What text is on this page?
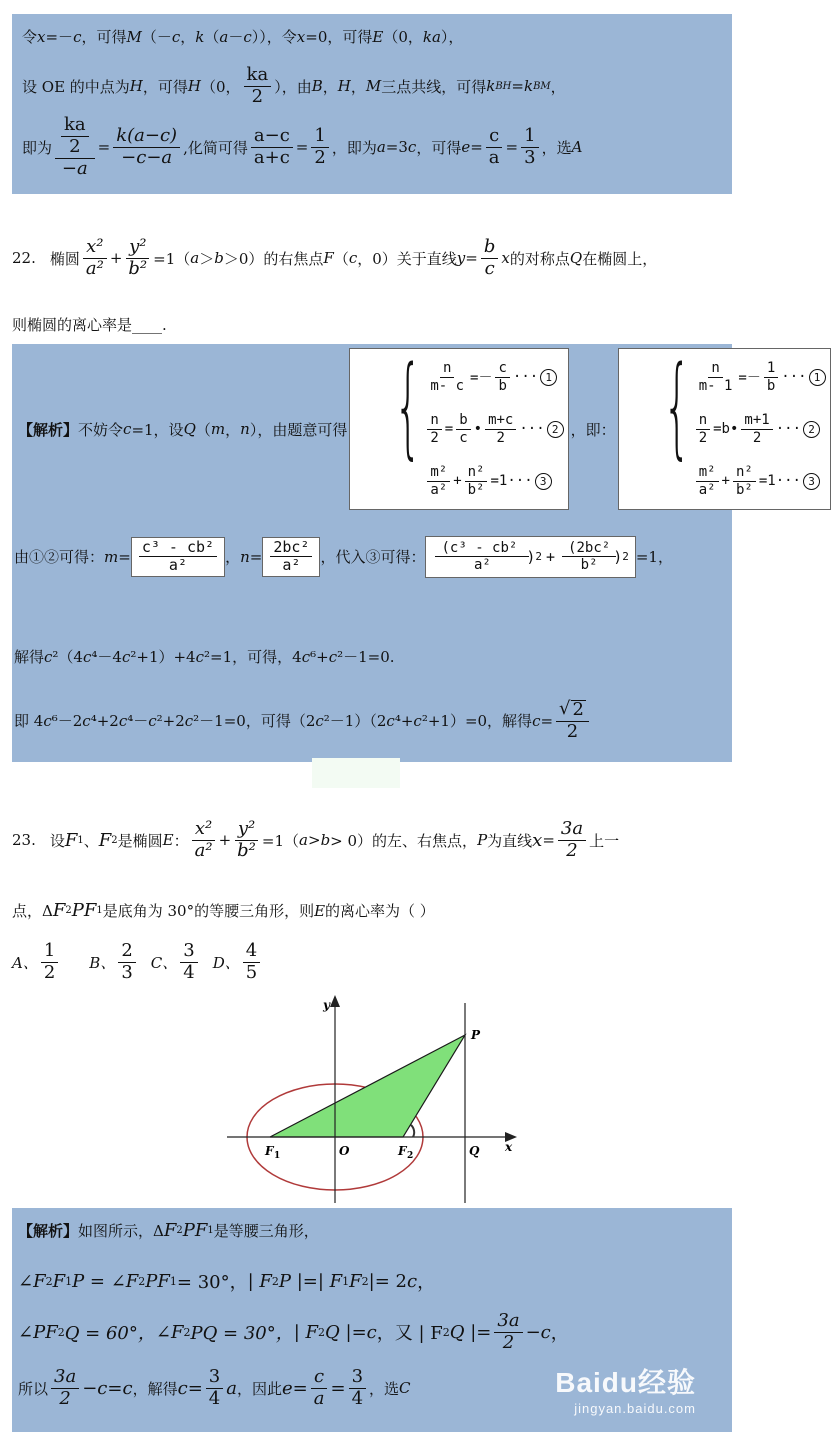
令 x =－ c ，可得 M （－ c ， k （ a － c ）），令 x =0，可得 E （0， ka ），
设 OE 的中点为 H ，可得 H （0， $\frac{ka}{2}$ ），由 B ， H ， M 三点共线，可得 k BH = k BM ，
即为 $\frac{\frac{ka}{2}}{-a} = \frac{k(a-c)}{-c-a}$ ,化简可得 $\frac{a-c}{a+c} = \frac{1}{2}$ ，即为 a =3 c ，可得 $e = \frac{c}{a} = \frac{1}{3}$ ，选 A
22. 椭圆 $\frac{\text{x²}}{\text{a²}} + \frac{\text{y²}}{\text{b²}} =1$（ a ＞ b ＞0）的右焦点 F （ c ，0）关于直线 $y = \frac{b}{c}$ x 的对称点 Q 在椭圆上，
则椭圆的离心率是____.
【解析】 不妨令 c =1，设 Q （ m ， n ），由题意可得 { $\frac{n}{m- c} =- \frac{c}{b}$ ··· 1
$\frac{n}{2} = \frac{b}{c}$ • $\frac{m+c}{2}$ ··· 2
$\frac{\text{m²}}{\text{a²}} + \frac{\text{n²}}{\text{b²}} =1\cdot\cdot\cdot 3$
，即： { $\frac{n}{m- 1} =- \frac{1}{b}$ ··· 1
$\frac{n}{2} =b$ • $\frac{m+1}{2}$ ··· 2
$\frac{\text{m²}}{\text{a²}} + \frac{\text{n²}}{\text{b²}} =1\cdot\cdot\cdot 3$
由①②可得： $m = \frac{\text{c³ - cb²}}{\text{a²}}$ ， $n = \frac{\text{2bc²}}{\text{a²}}$ ，代入③可得： $\frac{\text{(c³ - cb²}}{\text{a²}}$
) $2 + \frac{\text{(2bc²}}{\text{b²}}$
) 2 =1，
解得 c ²（4 c ⁴－4 c ²+1）+4 c ²=1，可得，4 c ⁶+ c ²－1=0.
即 4 c ⁶－2 c ⁴+2 c ⁴－ c ²+2 c ²－1=0，可得（2 c ²－1）（2 c ⁴+ c ²+1）=0，解得 $c = \frac{√ 2}{2}$
23. 设 F 1 、 F 2 是椭圆 E ： $\frac{\text{x²}}{\text{a²}} + \frac{\text{y²}}{\text{b²}} =1$（ a > b > 0）的左、右焦点， P 为直线 $x = \frac{3a}{2}$ 上一
点，Δ F 2 P F 1 是底角为 30°的等腰三角形，则 E 的离心率为（ ）
A、 $\frac{1}{2}$ B、 $\frac{2}{3}$ C、 $\frac{3}{4}$ D、 $\frac{4}{5}$
y
x
P
F 1	O	F 2	Q
【解析】 如图所示，Δ F 2 P F 1 是等腰三角形，
∠F 2 F 1 P = ∠F 2 PF 1 = 30°， | F 2 P |=| F 1 F 2 |= 2 c ，
∠PF 2 Q = 60°， ∠F 2 PQ = 30°， | F 2 Q |= c ，又 | F 2 Q |= $\frac{3a}{2} - c$ ，
所以 $\frac{3a}{2} - c = c$ ，解得 $c = \frac{3}{4}$ a ，因此 $e = \frac{c}{a} = \frac{3}{4}$ ，选 C	Baidu经验
jingyan.baidu.com
